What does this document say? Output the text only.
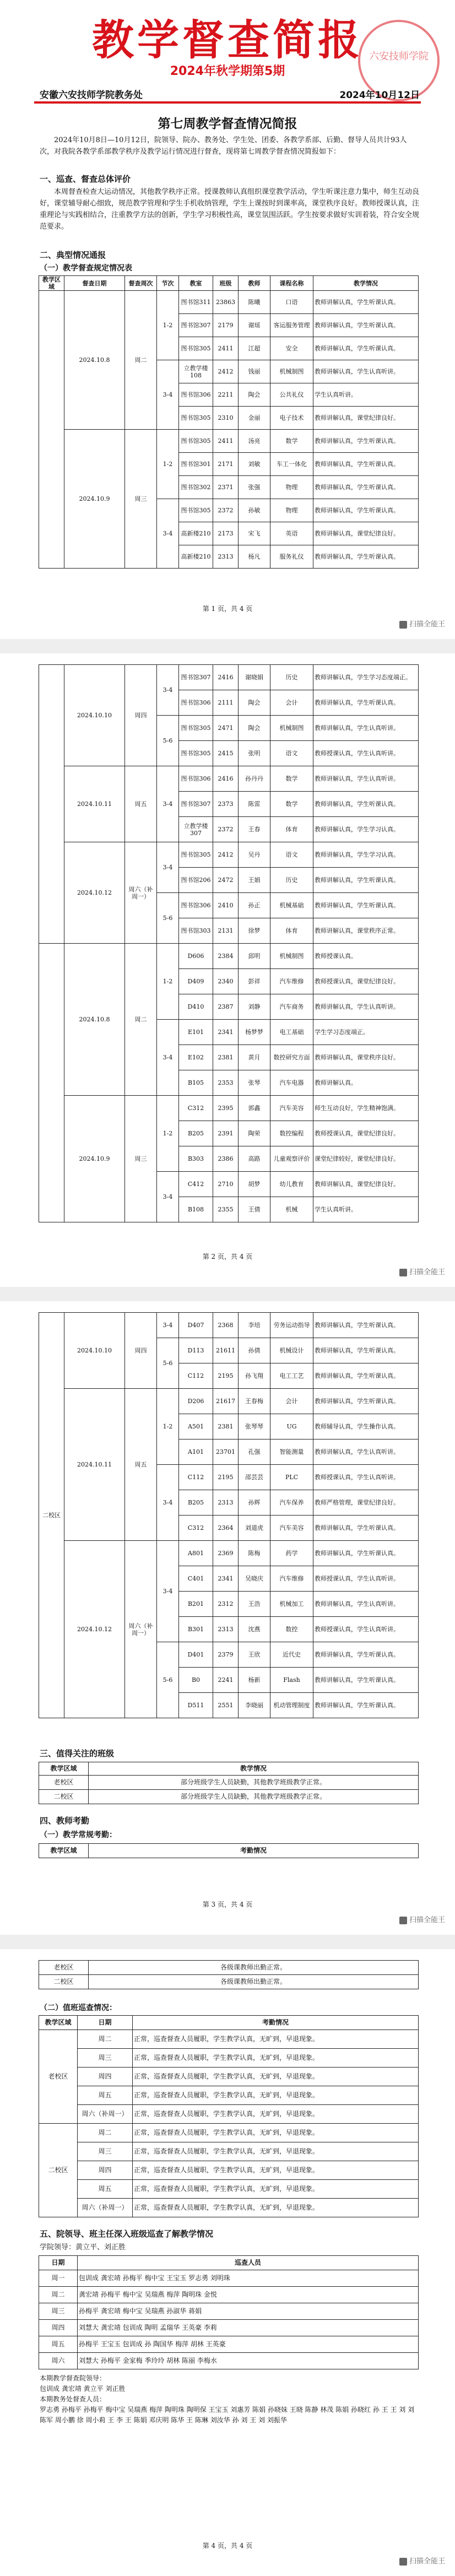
教学督查简报 六安技师学院
2024年秋学期第5期
安徽六安技师学院教务处	2024年10月12日
第七周教学督查情况简报
2024年10月8日—10月12日，院领导、院办、教务处、学生处、团委、各教学系部、后勤、督导人员共计93人次，对我院各教学系部教学秩序及教学运行情况进行督查，现将第七周教学督查情况简报如下：
一、巡查、督查总体评价
本周督查检查大运动情况，其他教学秩序正常。授课教师认真组织课堂教学活动，学生听课注意力集中，师生互动良好，课堂辅导耐心细致，规范教学管理和学生手机收纳管理，学生上课按时到课率高，课堂秩序良好。教师授课认真，注重理论与实践相结合，注重教学方法的创新，学生学习积极性高，课堂氛围活跃。学生按要求做好实训着装，符合安全规范要求。
二、典型情况通报
（一）教学督查规定情况表
教学区域	督查日期	督查周次	节次	教室	班级	教师	课程名称	教学情况
	2024.10.8	周二	1-2	图书馆311	23863	陈曦	口语	教师讲解认真，学生听课认真。
				图书馆307	2179	谢瑶	客运服务管理	教师讲解认真，学生听课认真。
				图书馆305	2411	江超	安全	教师讲解认真，学生听课认真。
			3-4	立教学楼108	2412	钱丽	机械制图	教师讲解认真，学生认真听讲。
				图书馆306	2211	陶会	公共礼仪	学生认真听讲。
				图书馆305	2310	金丽	电子技术	教师讲解认真，课堂纪律良好。
	2024.10.9	周三	1-2	图书馆305	2411	汤亮	数学	教师讲解认真，学生听课认真。
				图书馆301	2171	刘敏	车工一体化	教师讲解认真，学生听课认真。
				图书馆302	2371	张强	物理	教师讲解认真，学生听课认真。
			3-4	图书馆305	2372	孙敏	物理	教师讲解认真，学生听课认真。
				高新楼210	2173	宋飞	英语	教师讲解认真，课堂纪律良好。
				高新楼210	2313	杨凡	服务礼仪	教师讲解认真，学生听课认真。
第 1 页，共 4 页
扫描全能王
	2024.10.10	周四	3-4	图书馆307	2416	谢晓娟	历史	教师讲解认真，学生学习态度端正。
				图书馆306	2111	陶会	会计	教师讲解认真，学生听课认真。
			5-6	图书馆305	2471	陶会	机械制图	教师讲解认真，学生认真听讲。
				图书馆305	2415	张明	语文	教师授课认真，学生认真听讲。
	2024.10.11	周五	3-4	图书馆306	2416	孙丹丹	数学	教师讲解认真，学生认真听讲。
				图书馆307	2373	陈雷	数学	教师讲解认真，学生听课认真。
				立教学楼307	2372	王春	体育	教师讲解认真，学生学习认真。
	2024.10.12	周六（补周一）	3-4	图书馆305	2412	吴丹	语文	教师讲解认真，学生学习认真。
				图书馆206	2472	王娟	历史	教师讲解认真，学生听课认真。
			5-6	图书馆306	2410	孙正	机械基础	教师讲解认真，学生听课认真。
				图书馆303	2131	徐梦	体育	教师讲解认真，课堂秩序正常。
	2024.10.8	周二	1-2	D606	2384	邱明	机械制图	教师授课认真。
				D409	2340	彭祥	汽车维修	教师授课认真，课堂纪律良好。
				D410	2387	刘静	汽车商务	教师讲解认真，学生认真听讲。
			3-4	E101	2341	杨梦梦	电工基础	学生学习态度端正。
				E102	2381	黄月	数控研究方面	教师讲解认真，课堂秩序良好。
				B105	2353	张琴	汽车电器	教师讲解认真。
	2024.10.9	周三	1-2	C312	2395	郭鑫	汽车美容	师生互动良好，学生精神饱满。
				B205	2391	陶荣	数控编程	教师授课认真，课堂纪律良好。
				B303	2386	高路	儿童观察评价	课堂纪律较好，课堂纪律良好。
			3-4	C412	2710	胡梦	幼儿教育	教师讲解认真，课堂纪律良好。
				B108	2355	王倩	机械	学生认真听讲。
第 2 页，共 4 页
扫描全能王
二校区	2024.10.10	周四	3-4	D407	2368	李培	劳务运动指导	教师讲解认真，学生听课认真。
			5-6	D113	21611	孙倩	机械设计	教师讲解认真，学生听课认真。
				C112	2195	孙飞翔	电工工艺	教师讲解认真，学生听课认真。
	2024.10.11	周五	1-2	D206	21617	王春梅	会计	教师讲解认真，学生听课认真。
				A501	2381	张琴琴	UG	教师辅导认真，学生操作认真。
				A101	23701	孔强	智能测量	教师讲解认真，学生认真听讲。
			3-4	C112	2195	邵芸芸	PLC	教师授课认真，学生认真听讲。
				B205	2313	孙辉	汽车保养	教师严格管理，课堂纪律良好。
				C312	2364	刘道虎	汽车美容	教师讲解认真，学生听课认真。
	2024.10.12	周六（补周一）	3-4	A801	2369	陈梅	药学	教师讲解认真，学生听课认真。
				C401	2341	吴晓庆	汽车维修	教师授课认真，学生认真听讲。
				B201	2312	王浩	机械加工	教师讲解认真，学生认真听讲。
				B301	2313	沈燕	数控	教师授课认真，学生认真听讲。
			5-6	D401	2379	王欣	近代史	教师讲解认真，学生听课认真。
				B0	2241	杨新	Flash	教师讲解认真，学生听课认真。
				D511	2551	李晓丽	机动管理制度	教师讲解认真，学生听课认真。
三、值得关注的班级
教学区域	教学情况
老校区	部分班级学生人员缺勤，其他教学班级教学正常。
二校区	部分班级学生人员缺勤，其他教学班级教学正常。
四、教师考勤
（一）教学常规考勤：
教学区域	考勤情况
第 3 页，共 4 页
扫描全能王
老校区	各级课教师出勤正常。
二校区	各级课教师出勤正常。
（二）值班巡查情况：
教学区域	日期	考勤情况
老校区	周二	正常，巡查督查人员履职，学生教学认真，无旷到，早退现象。
	周三	正常，巡查督查人员履职，学生教学认真，无旷到，早退现象。
	周四	正常，巡查督查人员履职，学生教学认真，无旷到，早退现象。
	周五	正常，巡查督查人员履职，学生教学认真，无旷到，早退现象。
	周六（补周一）	正常，巡查督查人员履职，学生教学认真，无旷到，早退现象。
二校区	周二	正常，巡查督查人员履职，学生教学认真，无旷到，早退现象。
	周三	正常，巡查督查人员履职，学生教学认真，无旷到，早退现象。
	周四	正常，巡查督查人员履职，学生教学认真，无旷到，早退现象。
	周五	正常，巡查督查人员履职，学生教学认真，无旷到，早退现象。
	周六（补周一）	正常，巡查督查人员履职，学生教学认真，无旷到，早退现象。
五、院领导、班主任深入班级巡查了解教学情况
学院领导：黄立平、刘正胜
日期	巡查人员
周一	包训成 龚宏靖 孙梅平 梅中宝 王宝玉 罗志勇 刘明珠
周二	龚宏靖 孙梅平 梅中宝 吴瑞燕 梅萍 陶明珠 金悦
周三	孙梅平 龚宏靖 梅中宝 吴瑞燕 孙淑华 蒋娟
周四	刘慧大 龚宏靖 包训成 陶明 孟瑞华 王英豪 李莉
周五	孙梅平 王宝玉 包训成 孙 陶国华 梅萍 胡林 王英豪
周六	刘慧大 孙梅平 金家梅 季玲玲 胡林 陈丽 李梅水
本期教学督查院领导：
包训成 龚宏靖 黄立平 刘正胜
本期教务处督查人员：
罗志勇 孙梅平 孙梅平 梅中宝 吴瑞燕 梅萍 陶明珠 陶明保 王宝玉 刘惠芳 陈娟 孙晓妹 王晓 陈静 林茂 陈娟 孙晓红 孙 王 王 刘 刘 陈军 周小鹏 徐 周小莉 王 李 王 陈娟 邓庆明 陈华 王 陈琳 刘汝华 孙 刘 王 刘 刘振华
第 4 页，共 4 页
扫描全能王
